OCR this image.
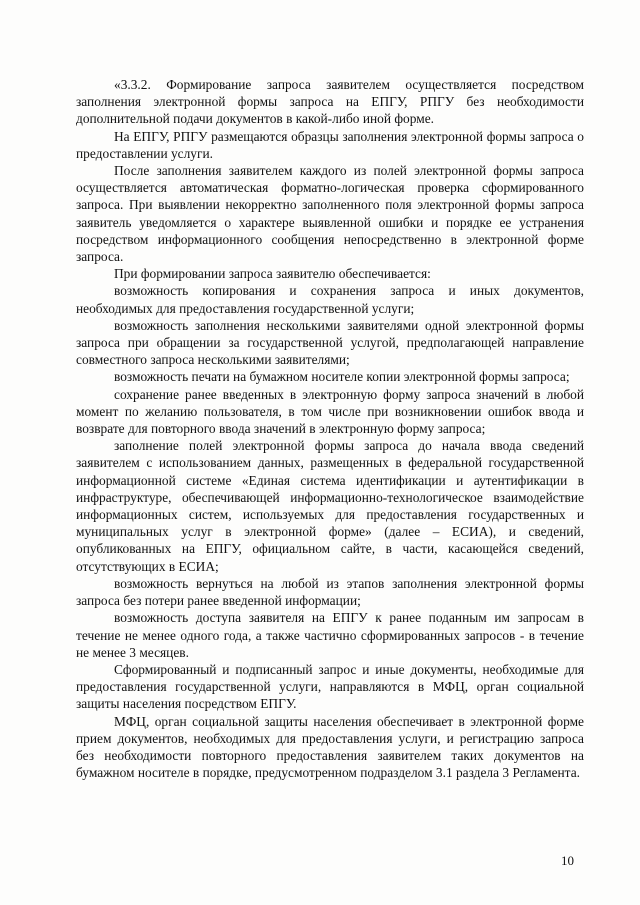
«3.3.2. Формирование запроса заявителем осуществляется посредством заполнения электронной формы запроса на ЕПГУ, РПГУ без необходимости дополнительной подачи документов в какой-либо иной форме.

На ЕПГУ, РПГУ размещаются образцы заполнения электронной формы запроса о предоставлении услуги.

После заполнения заявителем каждого из полей электронной формы запроса осуществляется автоматическая форматно-логическая проверка сформированного запроса. При выявлении некорректно заполненного поля электронной формы запроса заявитель уведомляется о характере выявленной ошибки и порядке ее устранения посредством информационного сообщения непосредственно в электронной форме запроса.

При формировании запроса заявителю обеспечивается:

возможность копирования и сохранения запроса и иных документов, необходимых для предоставления государственной услуги;

возможность заполнения несколькими заявителями одной электронной формы запроса при обращении за государственной услугой, предполагающей направление совместного запроса несколькими заявителями;

возможность печати на бумажном носителе копии электронной формы запроса;

сохранение ранее введенных в электронную форму запроса значений в любой момент по желанию пользователя, в том числе при возникновении ошибок ввода и возврате для повторного ввода значений в электронную форму запроса;

заполнение полей электронной формы запроса до начала ввода сведений заявителем с использованием данных, размещенных в федеральной государственной информационной системе «Единая система идентификации и аутентификации в инфраструктуре, обеспечивающей информационно-технологическое взаимодействие информационных систем, используемых для предоставления государственных и муниципальных услуг в электронной форме» (далее – ЕСИА), и сведений, опубликованных на ЕПГУ, официальном сайте, в части, касающейся сведений, отсутствующих в ЕСИА;

возможность вернуться на любой из этапов заполнения электронной формы запроса без потери ранее введенной информации;

возможность доступа заявителя на ЕПГУ к ранее поданным им запросам в течение не менее одного года, а также частично сформированных запросов - в течение не менее 3 месяцев.

Сформированный и подписанный запрос и иные документы, необходимые для предоставления государственной услуги, направляются в МФЦ, орган социальной защиты населения посредством ЕПГУ.

МФЦ, орган социальной защиты населения обеспечивает в электронной форме прием документов, необходимых для предоставления услуги, и регистрацию запроса без необходимости повторного предоставления заявителем таких документов на бумажном носителе в порядке, предусмотренном подразделом 3.1 раздела 3 Регламента.

10
